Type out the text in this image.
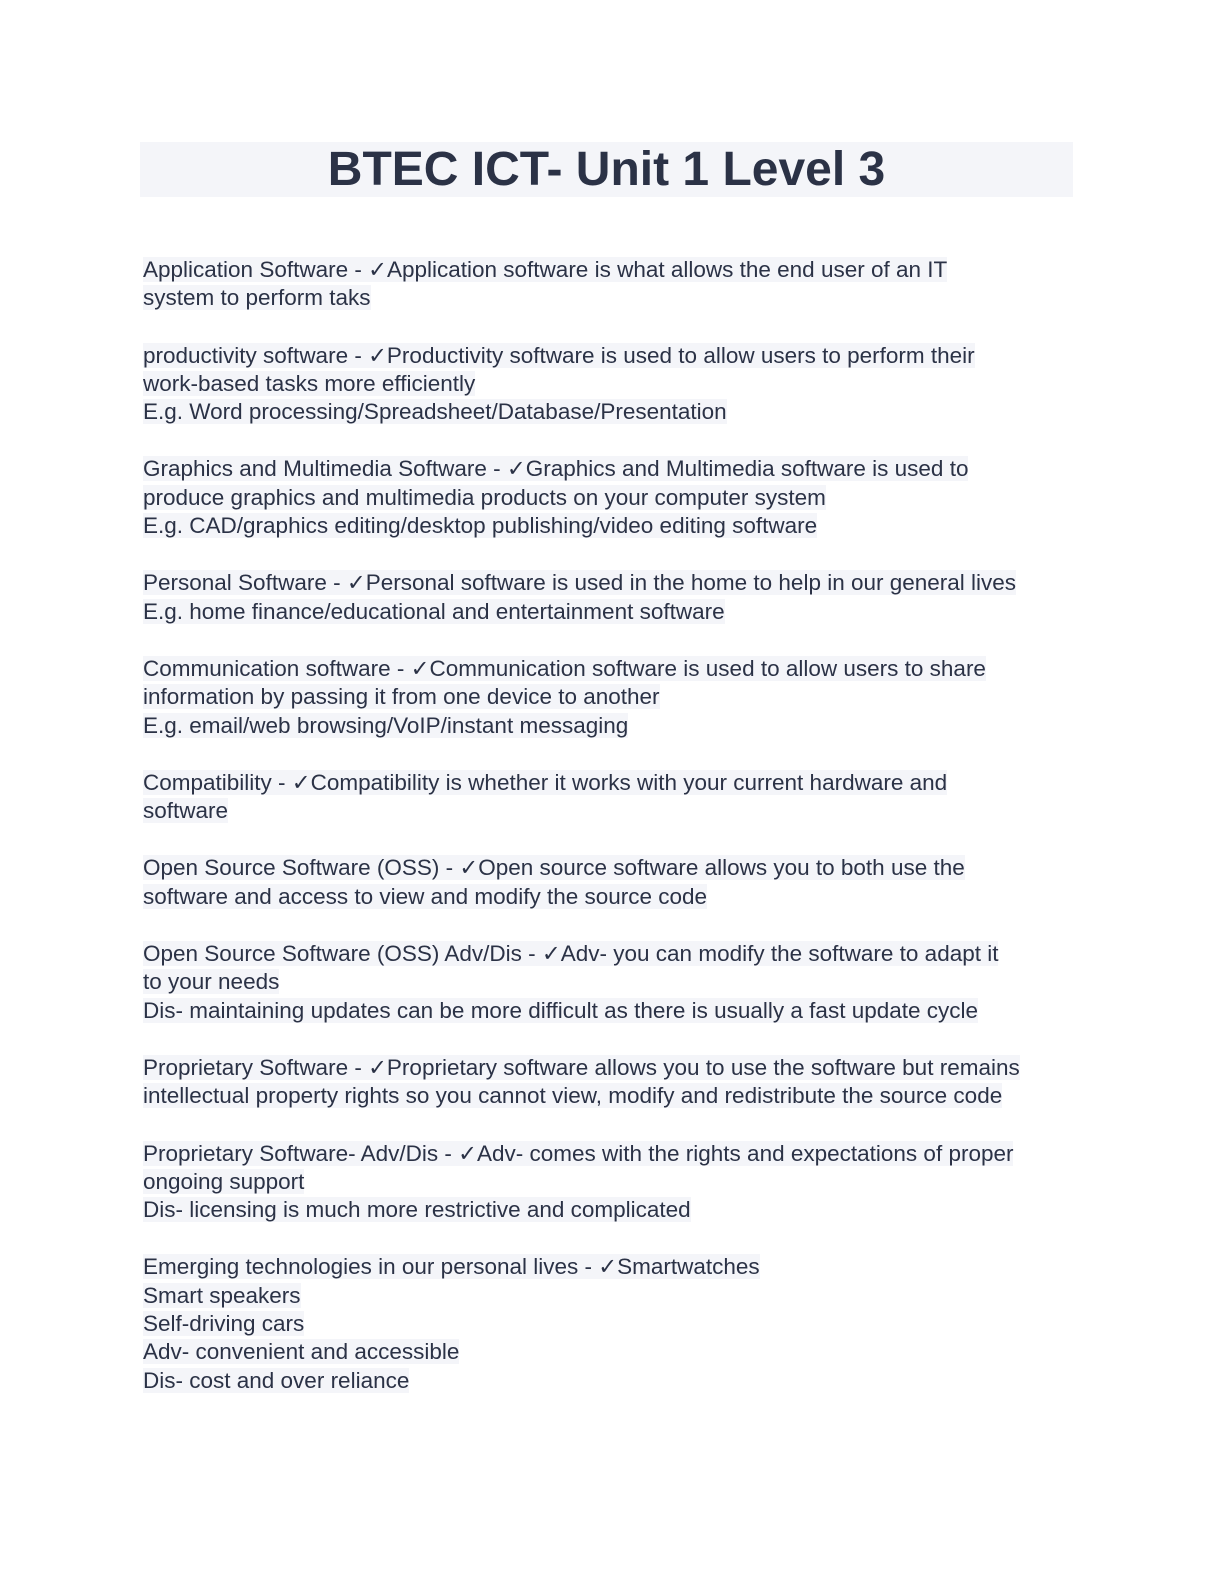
BTEC ICT- Unit 1 Level 3
Application Software - ✓Application software is what allows the end user of an IT
system to perform taks
productivity software - ✓Productivity software is used to allow users to perform their
work-based tasks more efficiently
E.g. Word processing/Spreadsheet/Database/Presentation
Graphics and Multimedia Software - ✓Graphics and Multimedia software is used to
produce graphics and multimedia products on your computer system
E.g. CAD/graphics editing/desktop publishing/video editing software
Personal Software - ✓Personal software is used in the home to help in our general lives
E.g. home finance/educational and entertainment software
Communication software - ✓Communication software is used to allow users to share
information by passing it from one device to another
E.g. email/web browsing/VoIP/instant messaging
Compatibility - ✓Compatibility is whether it works with your current hardware and
software
Open Source Software (OSS) - ✓Open source software allows you to both use the
software and access to view and modify the source code
Open Source Software (OSS) Adv/Dis - ✓Adv- you can modify the software to adapt it
to your needs
Dis- maintaining updates can be more difficult as there is usually a fast update cycle
Proprietary Software - ✓Proprietary software allows you to use the software but remains
intellectual property rights so you cannot view, modify and redistribute the source code
Proprietary Software- Adv/Dis - ✓Adv- comes with the rights and expectations of proper
ongoing support
Dis- licensing is much more restrictive and complicated
Emerging technologies in our personal lives - ✓Smartwatches
Smart speakers
Self-driving cars
Adv- convenient and accessible
Dis- cost and over reliance
